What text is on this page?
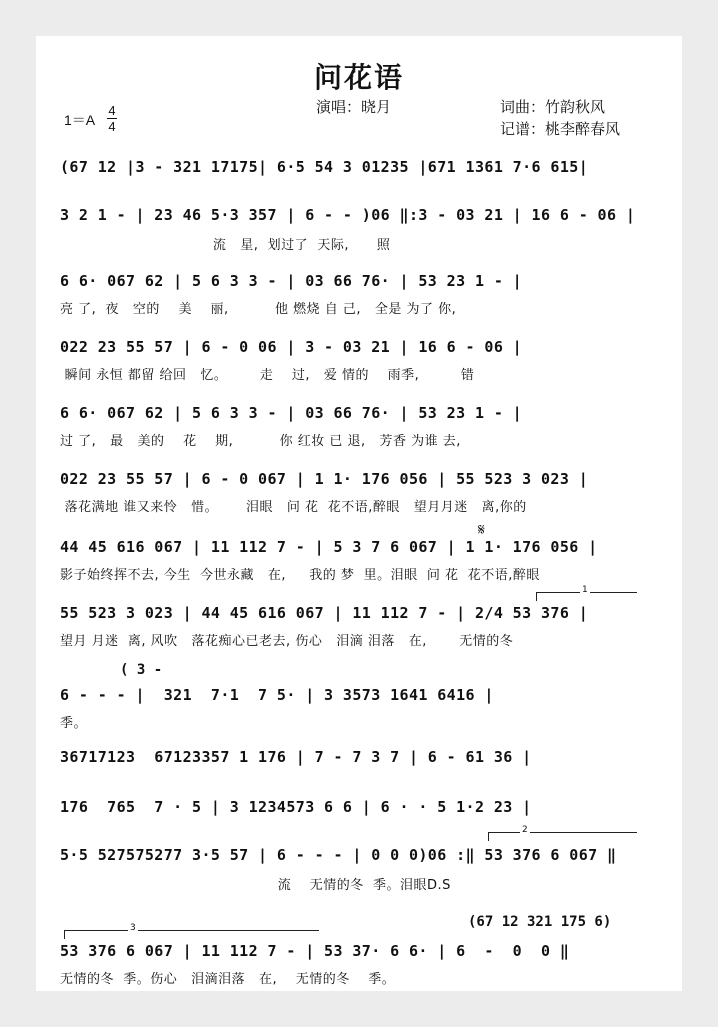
问花语
演唱：晓月	词曲：竹韵秋风
记谱：桃李醉春风
1＝A
4
4
(67 12 |3 - 321 17175| 6·5 54 3 01235 |671 1361 7·6 615|
3 2 1 - | 23 46 5·3 357 | 6 - - )06 ‖:3 - 03 21 | 16 6 - 06 |
流   星,  划过了  天际,      照
6 6· 067 62 | 5 6 3 3 - | 03 66 76· | 53 23 1 - |
亮 了,  夜   空的    美    丽,          他 燃烧 自 己,   全是 为了 你,
022 23 55 57 | 6 - 0 06 | 3 - 03 21 | 16 6 - 06 |
瞬间 永恒 都留 给回   忆。       走    过,   爱 情的    雨季,         错
6 6· 067 62 | 5 6 3 3 - | 03 66 76· | 53 23 1 - |
过 了,   最   美的    花    期,          你 红妆 已 退,   芳香 为谁 去,
022 23 55 57 | 6 - 0 067 | 1 1· 176 056 | 55 523 3 023 |
落花满地 谁又来怜   惜。      泪眼   问 花  花不语,醉眼   望月月迷   离,你的
𝄋
44 45 616 067 | 11 112 7 - | 5 3 7 6 067 | 1 1· 176 056 |
影子始终挥不去, 今生  今世永藏   在,     我的 梦  里。泪眼  问 花  花不语,醉眼
1
55 523 3 023 | 44 45 616 067 | 11 112 7 - | 2/4 53 376 |
望月 月迷  离, 风吹   落花痴心已老去, 伤心   泪滴 泪落   在,       无情的冬
( 3 -
6 - - - |  321  7·1  7 5· | 3 3573 1641 6416 |
季。
36717123  67123357 1 176 | 7 - 7 3 7 | 6 - 61 36 |
176  765  7 · 5 | 3 1234573 6 6 | 6 · · 5 1·2 23 |
2
5·5 527575277 3·5 57 | 6 - - - | 0 0 0)06 :‖ 53 376 6 067 ‖
流    无情的冬  季。泪眼D.S
3	(67 12 321 175 6)
53 376 6 067 | 11 112 7 - | 53 37· 6 6· | 6  -  0  0 ‖
无情的冬  季。伤心   泪滴泪落   在,    无情的冬    季。
